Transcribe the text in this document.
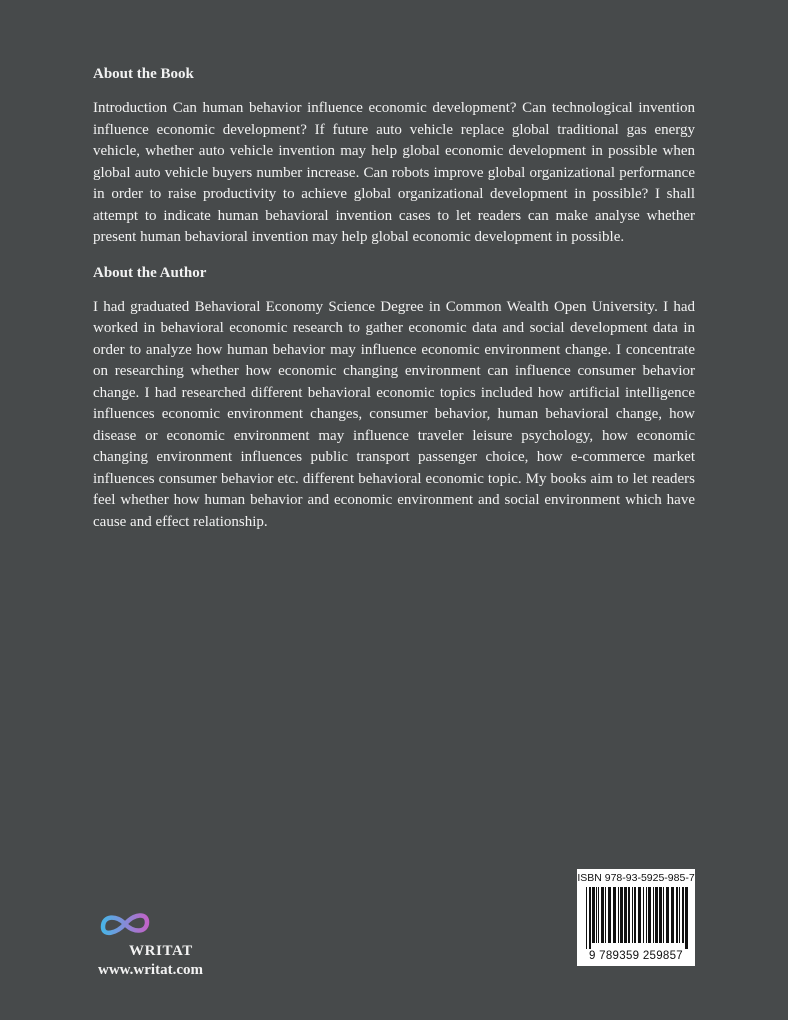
About the Book
Introduction Can human behavior influence economic development? Can technological invention influence economic development? If future auto vehicle replace global traditional gas energy vehicle, whether auto vehicle invention may help global economic development in possible when global auto vehicle buyers number increase. Can robots improve global organizational performance in order to raise productivity to achieve global organizational development in possible? I shall attempt to indicate human behavioral invention cases to let readers can make analyse whether present human behavioral invention may help global economic development in possible.
About the Author
I had graduated Behavioral Economy Science Degree in Common Wealth Open University. I had worked in behavioral economic research to gather economic data and social development data in order to analyze how human behavior may influence economic environment change. I concentrate on researching whether how economic changing environment can influence consumer behavior change. I had researched different behavioral economic topics included how artificial intelligence influences economic environment changes, consumer behavior, human behavioral change, how disease or economic environment may influence traveler leisure psychology, how economic changing environment influences public transport passenger choice, how e-commerce market influences consumer behavior etc. different behavioral economic topic. My books aim to let readers feel whether how human behavior and economic environment and social environment which have cause and effect relationship.
WRITAT
www.writat.com
ISBN 978-93-5925-985-7
9 789359 259857
